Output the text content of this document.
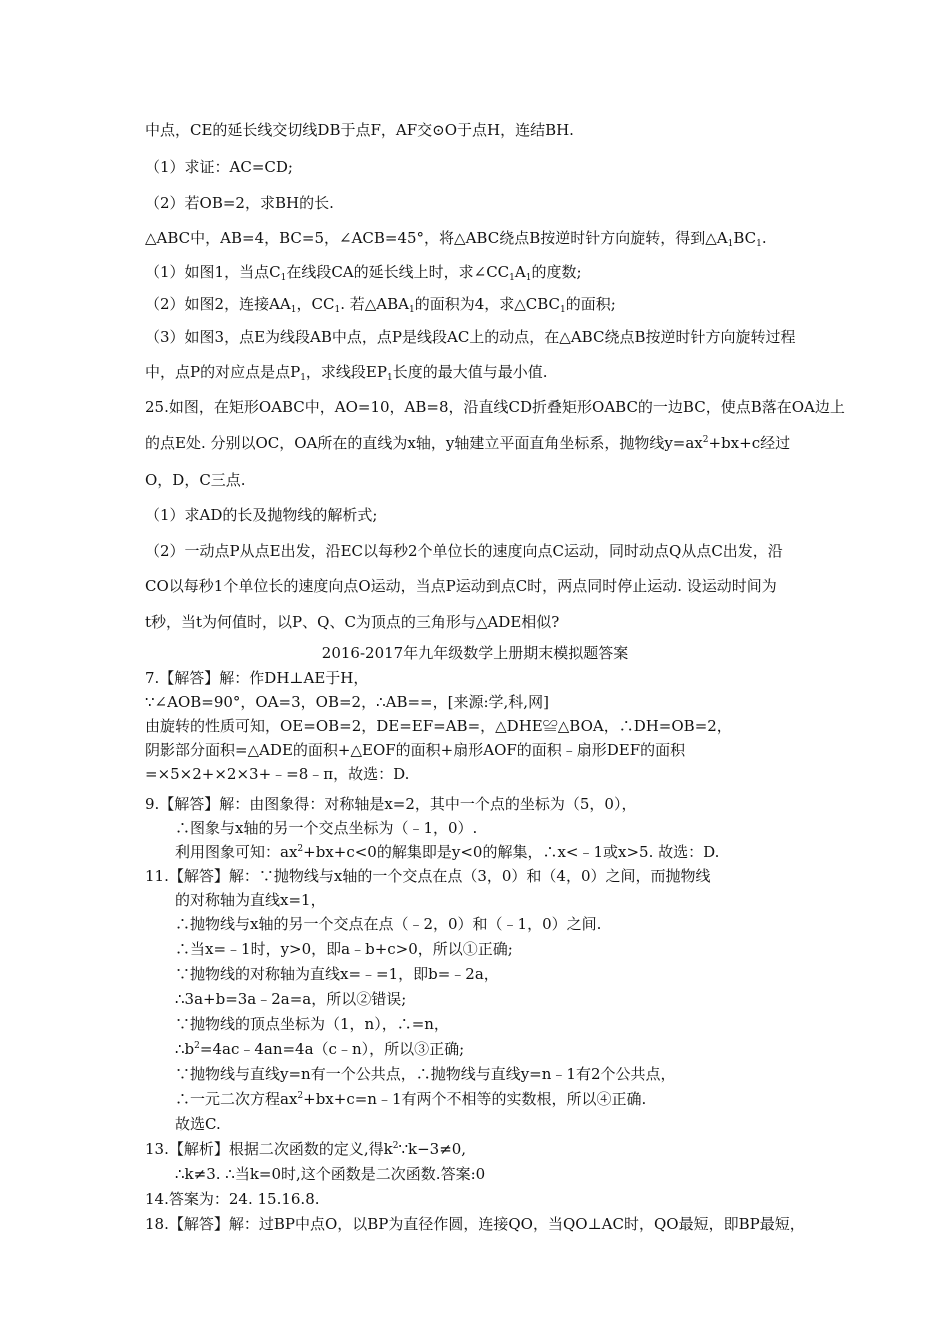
中点，CE的延长线交切线DB于点F，AF交⊙O于点H，连结BH.
（1）求证：AC=CD;
（2）若OB=2，求BH的长.
△ABC中，AB=4，BC=5，∠ACB=45°，将△ABC绕点B按逆时针方向旋转，得到$\triangle A_1BC_1$.
（1）如图1，当点$C_1$在线段CA的延长线上时，求$\angle CC_1A_1$的度数;
（2）如图2，连接$AA_1$，$CC_1$. 若$\triangle ABA_1$的面积为4，求$\triangle CBC_1$的面积;
（3）如图3，点E为线段AB中点，点P是线段AC上的动点，在△ABC绕点B按逆时针方向旋转过程
中，点P的对应点是点$P_1$，求线段$EP_1$长度的最大值与最小值.
25.如图，在矩形OABC中，AO=10，AB=8，沿直线CD折叠矩形OABC的一边BC，使点B落在OA边上
的点E处. 分别以OC，OA所在的直线为x轴，y轴建立平面直角坐标系，抛物线$y=ax^2+bx+c$经过
O，D，C三点.
（1）求AD的长及抛物线的解析式;
（2）一动点P从点E出发，沿EC以每秒2个单位长的速度向点C运动，同时动点Q从点C出发，沿
CO以每秒1个单位长的速度向点O运动，当点P运动到点C时，两点同时停止运动. 设运动时间为
t秒，当t为何值时，以P、Q、C为顶点的三角形与△ADE相似?
2016-2017年九年级数学上册期末模拟题答案
7.【解答】解：作DH⊥AE于H，
∵∠AOB=90°，OA=3，OB=2，∴AB==，[来源:学,科,网]
由旋转的性质可知，OE=OB=2，DE=EF=AB=，△DHE≌△BOA，∴DH=OB=2，
阴影部分面积=△ADE的面积+△EOF的面积+扇形AOF的面积﹣扇形DEF的面积
=×5×2+×2×3+﹣=8﹣π，故选：D.
9.【解答】解：由图象得：对称轴是x=2，其中一个点的坐标为（5，0），
∴图象与x轴的另一个交点坐标为（﹣1，0）.
利用图象可知：$ax^2+bx+c<0$的解集即是y<0的解集，∴x<﹣1或x>5. 故选：D.
11.【解答】解：∵抛物线与x轴的一个交点在点（3，0）和（4，0）之间，而抛物线
的对称轴为直线x=1，
∴抛物线与x轴的另一个交点在点（﹣2，0）和（﹣1，0）之间.
∴当x=﹣1时，y>0，即a﹣b+c>0，所以①正确;
∵抛物线的对称轴为直线x=﹣=1，即b=﹣2a，
∴3a+b=3a﹣2a=a，所以②错误;
∵抛物线的顶点坐标为（1，n），∴=n，
$\therefore b^2=4ac﹣4an=4a(c﹣n)$，所以③正确;
∵抛物线与直线y=n有一个公共点，∴抛物线与直线y=n﹣1有2个公共点，
∴一元二次方程$ax^2+bx+c=n﹣1$有两个不相等的实数根，所以④正确.
故选C.
13.【解析】根据二次函数的定义,得$k^2\because k-3\ne 0$,
∴k≠3. ∴当k=0时,这个函数是二次函数.答案:0
14.答案为：24. 15.16.8.
18.【解答】解：过BP中点O，以BP为直径作圆，连接QO，当QO⊥AC时，QO最短，即BP最短，
